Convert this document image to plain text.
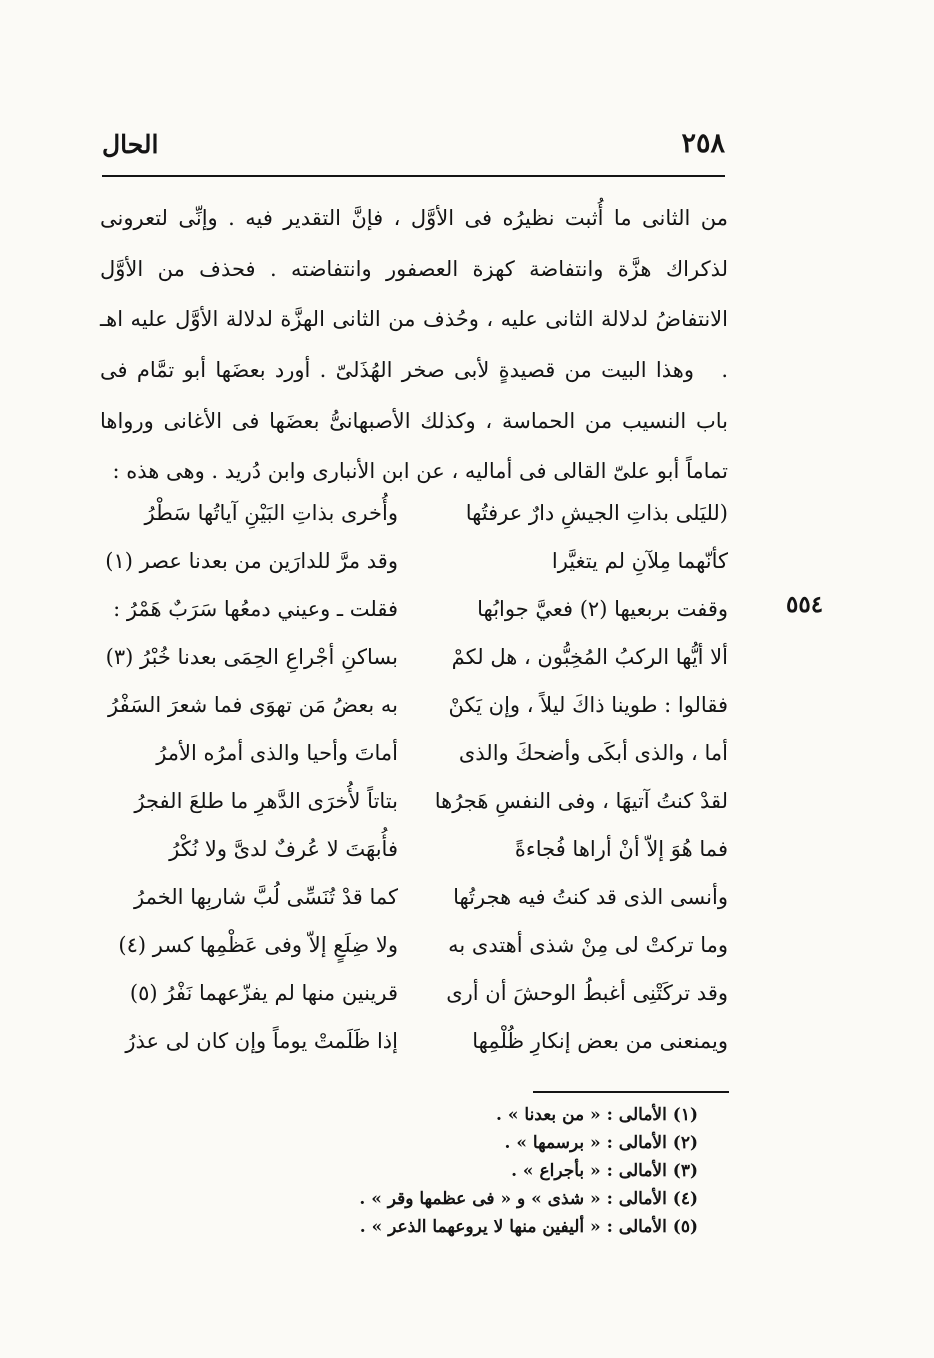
٢٥٨
الحال

من الثانى ما أُثبت نظيرُه فى الأوَّل ، فإنَّ التقدير فيه . وإنِّى لتعرونى لذكراك هزَّة وانتفاضة كهزة العصفور وانتفاضته . فحذف من الأوَّل الانتفاضُ لدلالة الثانى عليه ، وحُذف من الثانى الهزَّة لدلالة الأوَّل عليه اهـ .

وهذا البيت من قصيدةٍ لأبى صخر الهُذَلىّ . أورد بعضَها أبو تمَّام فى باب النسيب من الحماسة ، وكذلك الأصبهانىُّ بعضَها فى الأغانى ورواها تماماً أبو علىّ القالى فى أماليه ، عن ابن الأنبارى وابن دُريد . وهى هذه :

(لليَلى بذاتِ الجيشِ دارٌ عرفتُها
وأُخرى بذاتِ البَيْنِ آياتُها سَطْرُ
كأنّهما مِلآنِ لم يتغيَّرا
وقد مرَّ للدارَين من بعدنا عصر (١)
وقفت بربعيها (٢) فعيَّ جوابُها
فقلت ـ وعيني دمعُها سَرَبٌ هَمْرُ :
ألا أيُّها الركبُ المُخِبُّون ، هل لكمْ
بساكنِ أجْراعِ الحِمَى بعدنا خُبْرُ (٣)
فقالوا : طوينا ذاكَ ليلاً ، وإن يَكنْ
به بعضُ مَن تهوَى فما شعرَ السَفْرُ
أما ، والذى أبكَى وأضحكَ والذى
أماتَ وأحيا والذى أمرُه الأمرُ
لقدْ كنتُ آتيهَا ، وفى النفسِ هَجرُها
بتاتاً لأُخرَى الدَّهرِ ما طلعَ الفجرُ
فما هُوَ إلاّ أنْ أراها فُجاءةً
فأُبهَتَ لا عُرفٌ لدىَّ ولا نُكْرُ
وأنسى الذى قد كنتُ فيه هجرتُها
كما قدْ تُنَسِّى لُبَّ شاربِها الخمرُ
وما تركتْ لى مِنْ شذى أهتدى به
ولا ضِلَعٍ إلاّ وفى عَظْمِها كسر (٤)
وقد تركَتْنِى أغبطُ الوحشَ أن أرى
قرينين منها لم يفزّعهما نَفْرُ (٥)
ويمنعنى من بعض إنكارِ ظُلْمِها
إذا ظَلَمتْ يوماً وإن كان لى عذرُ
٥٥٤
(١) الأمالى : « من بعدنا » .
(٢) الأمالى : « برسمها » .
(٣) الأمالى : « بأجراع » .
(٤) الأمالى : « شذى » و « فى عظمها وقر » .
(٥) الأمالى : « أليفين منها لا يروعهما الذعر » .
